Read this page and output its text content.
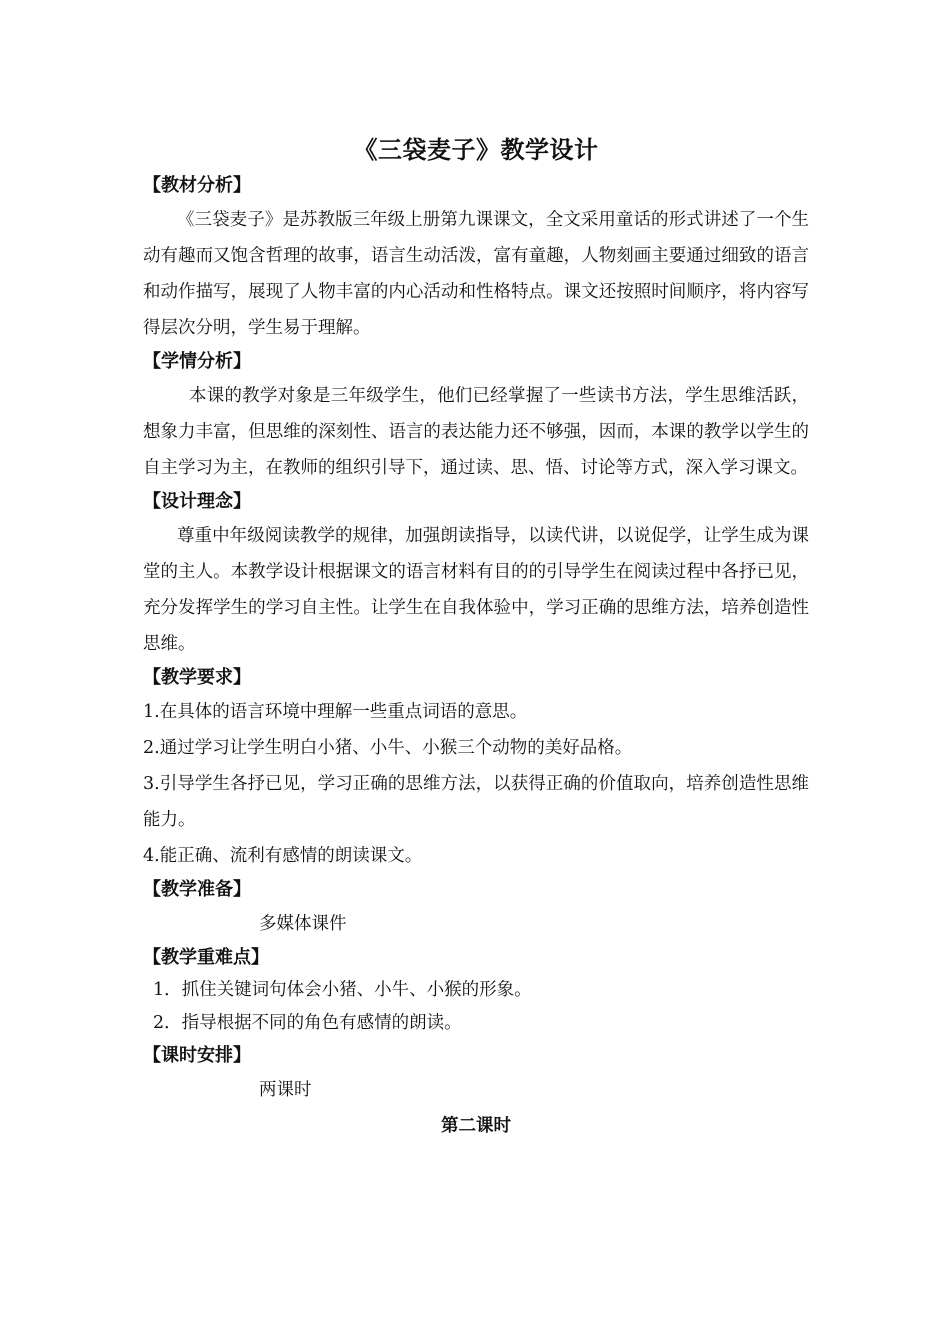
《三袋麦子》教学设计

【教材分析】

《三袋麦子》是苏教版三年级上册第九课课文，全文采用童话的形式讲述了一个生动有趣而又饱含哲理的故事，语言生动活泼，富有童趣，人物刻画主要通过细致的语言和动作描写，展现了人物丰富的内心活动和性格特点。课文还按照时间顺序，将内容写得层次分明，学生易于理解。

【学情分析】

本课的教学对象是三年级学生，他们已经掌握了一些读书方法，学生思维活跃，想象力丰富，但思维的深刻性、语言的表达能力还不够强，因而，本课的教学以学生的自主学习为主，在教师的组织引导下，通过读、思、悟、讨论等方式，深入学习课文。

【设计理念】

尊重中年级阅读教学的规律，加强朗读指导，以读代讲，以说促学，让学生成为课堂的主人。本教学设计根据课文的语言材料有目的的引导学生在阅读过程中各抒已见，充分发挥学生的学习自主性。让学生在自我体验中，学习正确的思维方法，培养创造性思维。

【教学要求】

1.在具体的语言环境中理解一些重点词语的意思。

2.通过学习让学生明白小猪、小牛、小猴三个动物的美好品格。

3.引导学生各抒已见，学习正确的思维方法，以获得正确的价值取向，培养创造性思维能力。

4.能正确、流利有感情的朗读课文。

【教学准备】

多媒体课件

【教学重难点】

1．抓住关键词句体会小猪、小牛、小猴的形象。

2．指导根据不同的角色有感情的朗读。

【课时安排】

两课时

第二课时
